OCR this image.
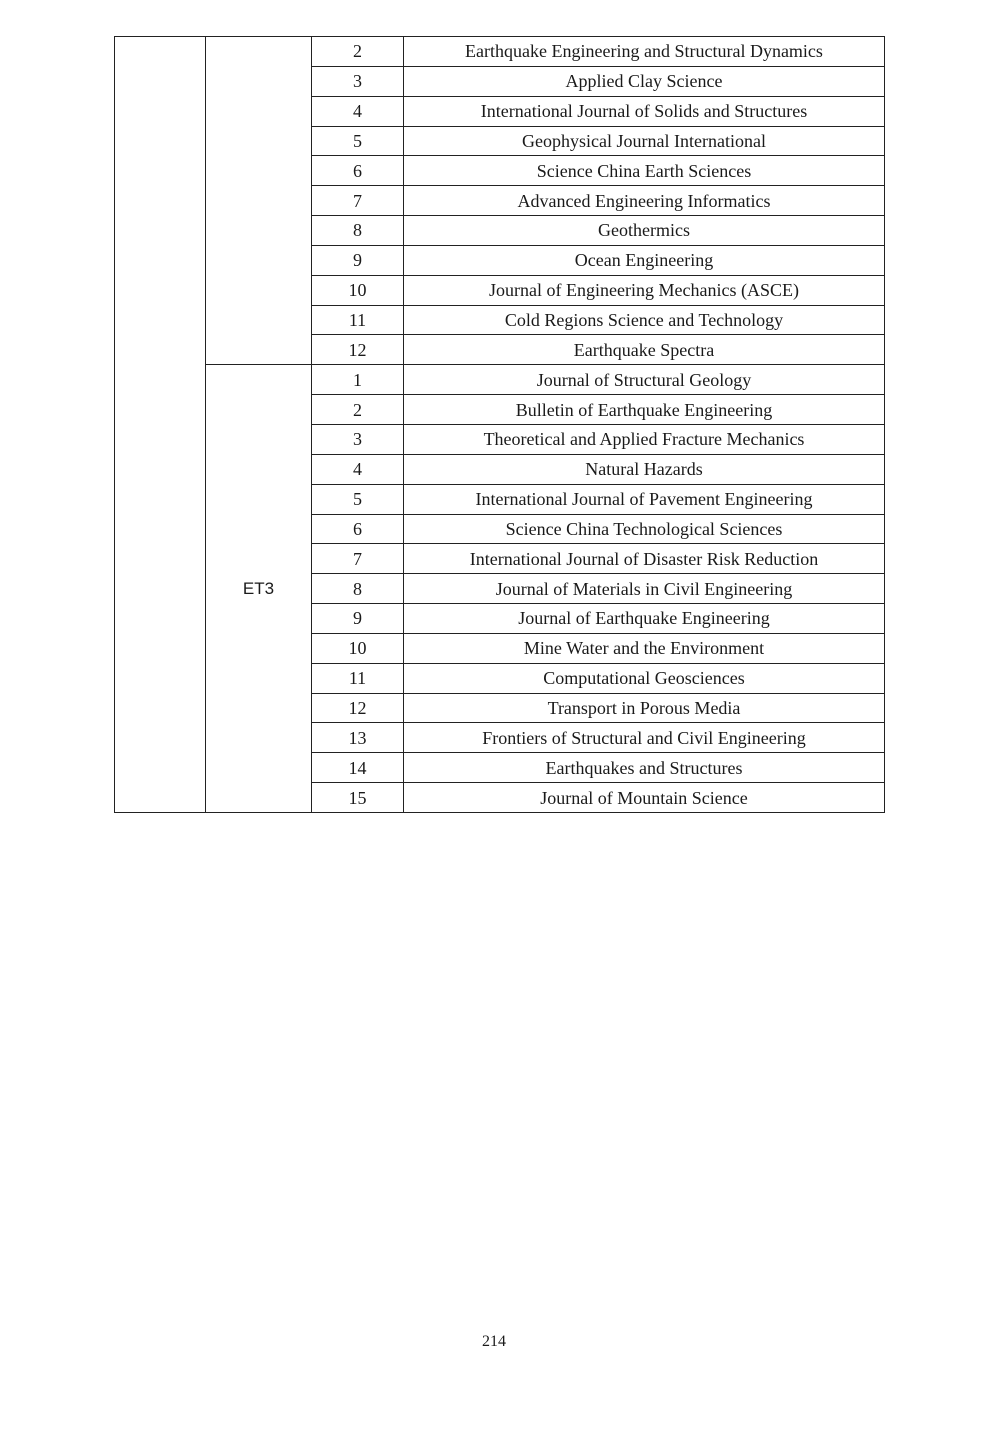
		2	Earthquake Engineering and Structural Dynamics
		3	Applied Clay Science
		4	International Journal of Solids and Structures
		5	Geophysical Journal International
		6	Science China Earth Sciences
		7	Advanced Engineering Informatics
		8	Geothermics
		9	Ocean Engineering
		10	Journal of Engineering Mechanics (ASCE)
		11	Cold Regions Science and Technology
		12	Earthquake Spectra
	ET3	1	Journal of Structural Geology
		2	Bulletin of Earthquake Engineering
		3	Theoretical and Applied Fracture Mechanics
		4	Natural Hazards
		5	International Journal of Pavement Engineering
		6	Science China Technological Sciences
		7	International Journal of Disaster Risk Reduction
		8	Journal of Materials in Civil Engineering
		9	Journal of Earthquake Engineering
		10	Mine Water and the Environment
		11	Computational Geosciences
		12	Transport in Porous Media
		13	Frontiers of Structural and Civil Engineering
		14	Earthquakes and Structures
		15	Journal of Mountain Science
214
